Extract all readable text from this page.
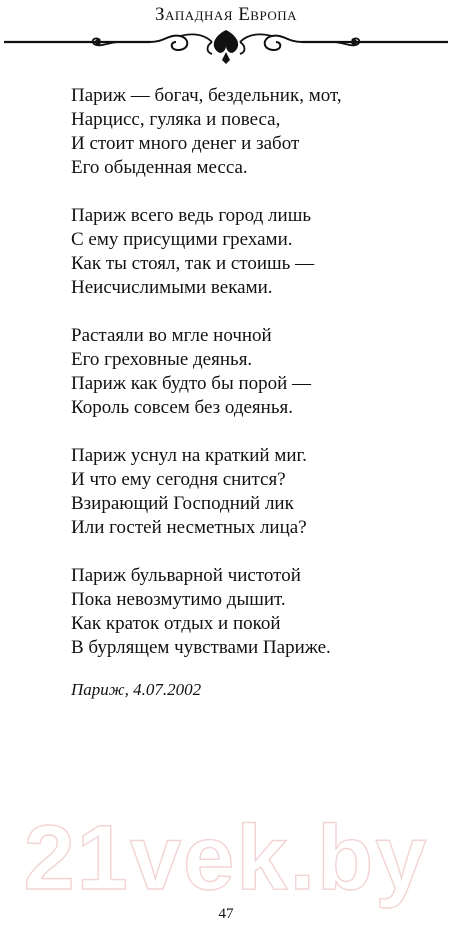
Западная Европа
Париж — богач, бездельник, мот,
Нарцисс, гуляка и повеса,
И стоит много денег и забот
Его обыденная месса.
Париж всего ведь город лишь
С ему присущими грехами.
Как ты стоял, так и стоишь —
Неисчислимыми веками.
Растаяли во мгле ночной
Его греховные деянья.
Париж как будто бы порой —
Король совсем без одеянья.
Париж уснул на краткий миг.
И что ему сегодня снится?
Взирающий Господний лик
Или гостей несметных лица?
Париж бульварной чистотой
Пока невозмутимо дышит.
Как краток отдых и покой
В бурлящем чувствами Париже.
Париж, 4.07.2002
21vek.by
47
